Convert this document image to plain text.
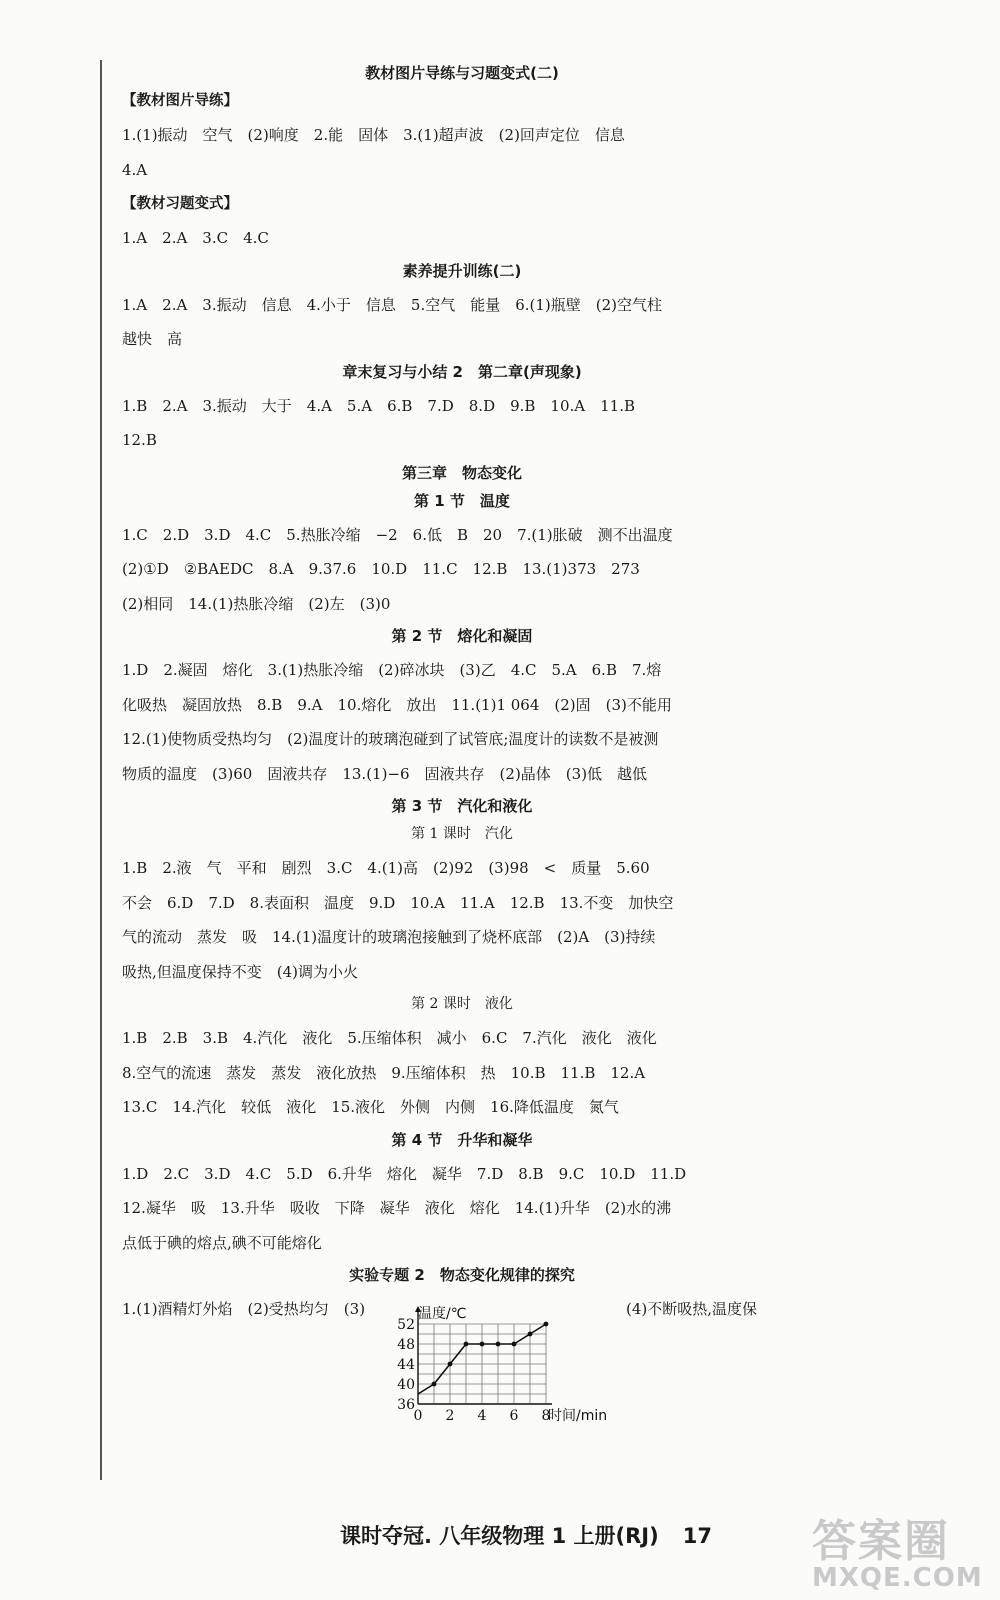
教材图片导练与习题变式(二)
【教材图片导练】
1.(1)振动　空气　(2)响度　2.能　固体　3.(1)超声波　(2)回声定位　信息
4.A
【教材习题变式】
1.A　2.A　3.C　4.C
素养提升训练(二)
1.A　2.A　3.振动　信息　4.小于　信息　5.空气　能量　6.(1)瓶壁　(2)空气柱
越快　高
章末复习与小结 2　第二章(声现象)
1.B　2.A　3.振动　大于　4.A　5.A　6.B　7.D　8.D　9.B　10.A　11.B
12.B
第三章　物态变化
第 1 节　温度
1.C　2.D　3.D　4.C　5.热胀冷缩　−2　6.低　B　20　7.(1)胀破　测不出温度
(2)①D　②BAEDC　8.A　9.37.6　10.D　11.C　12.B　13.(1)373　273
(2)相同　14.(1)热胀冷缩　(2)左　(3)0
第 2 节　熔化和凝固
1.D　2.凝固　熔化　3.(1)热胀冷缩　(2)碎冰块　(3)乙　4.C　5.A　6.B　7.熔
化吸热　凝固放热　8.B　9.A　10.熔化　放出　11.(1)1 064　(2)固　(3)不能用
12.(1)使物质受热均匀　(2)温度计的玻璃泡碰到了试管底;温度计的读数不是被测
物质的温度　(3)60　固液共存　13.(1)−6　固液共存　(2)晶体　(3)低　越低
第 3 节　汽化和液化
第 1 课时　汽化
1.B　2.液　气　平和　剧烈　3.C　4.(1)高　(2)92　(3)98　<　质量　5.60
不会　6.D　7.D　8.表面积　温度　9.D　10.A　11.A　12.B　13.不变　加快空
气的流动　蒸发　吸　14.(1)温度计的玻璃泡接触到了烧杯底部　(2)A　(3)持续
吸热,但温度保持不变　(4)调为小火
第 2 课时　液化
1.B　2.B　3.B　4.汽化　液化　5.压缩体积　减小　6.C　7.汽化　液化　液化
8.空气的流速　蒸发　蒸发　液化放热　9.压缩体积　热　10.B　11.B　12.A
13.C　14.汽化　较低　液化　15.液化　外侧　内侧　16.降低温度　氮气
第 4 节　升华和凝华
1.D　2.C　3.D　4.C　5.D　6.升华　熔化　凝华　7.D　8.B　9.C　10.D　11.D
12.凝华　吸　13.升华　吸收　下降　凝华　液化　熔化　14.(1)升华　(2)水的沸
点低于碘的熔点,碘不可能熔化
实验专题 2　物态变化规律的探究
1.(1)酒精灯外焰　(2)受热均匀　(3)	(4)不断吸热,温度保
36
40
44
48
52
0 2 4 6 8
温度/℃
时间/min
课时夺冠. 八年级物理 1 上册(RJ) 17 答案圈
MXQE.COM
